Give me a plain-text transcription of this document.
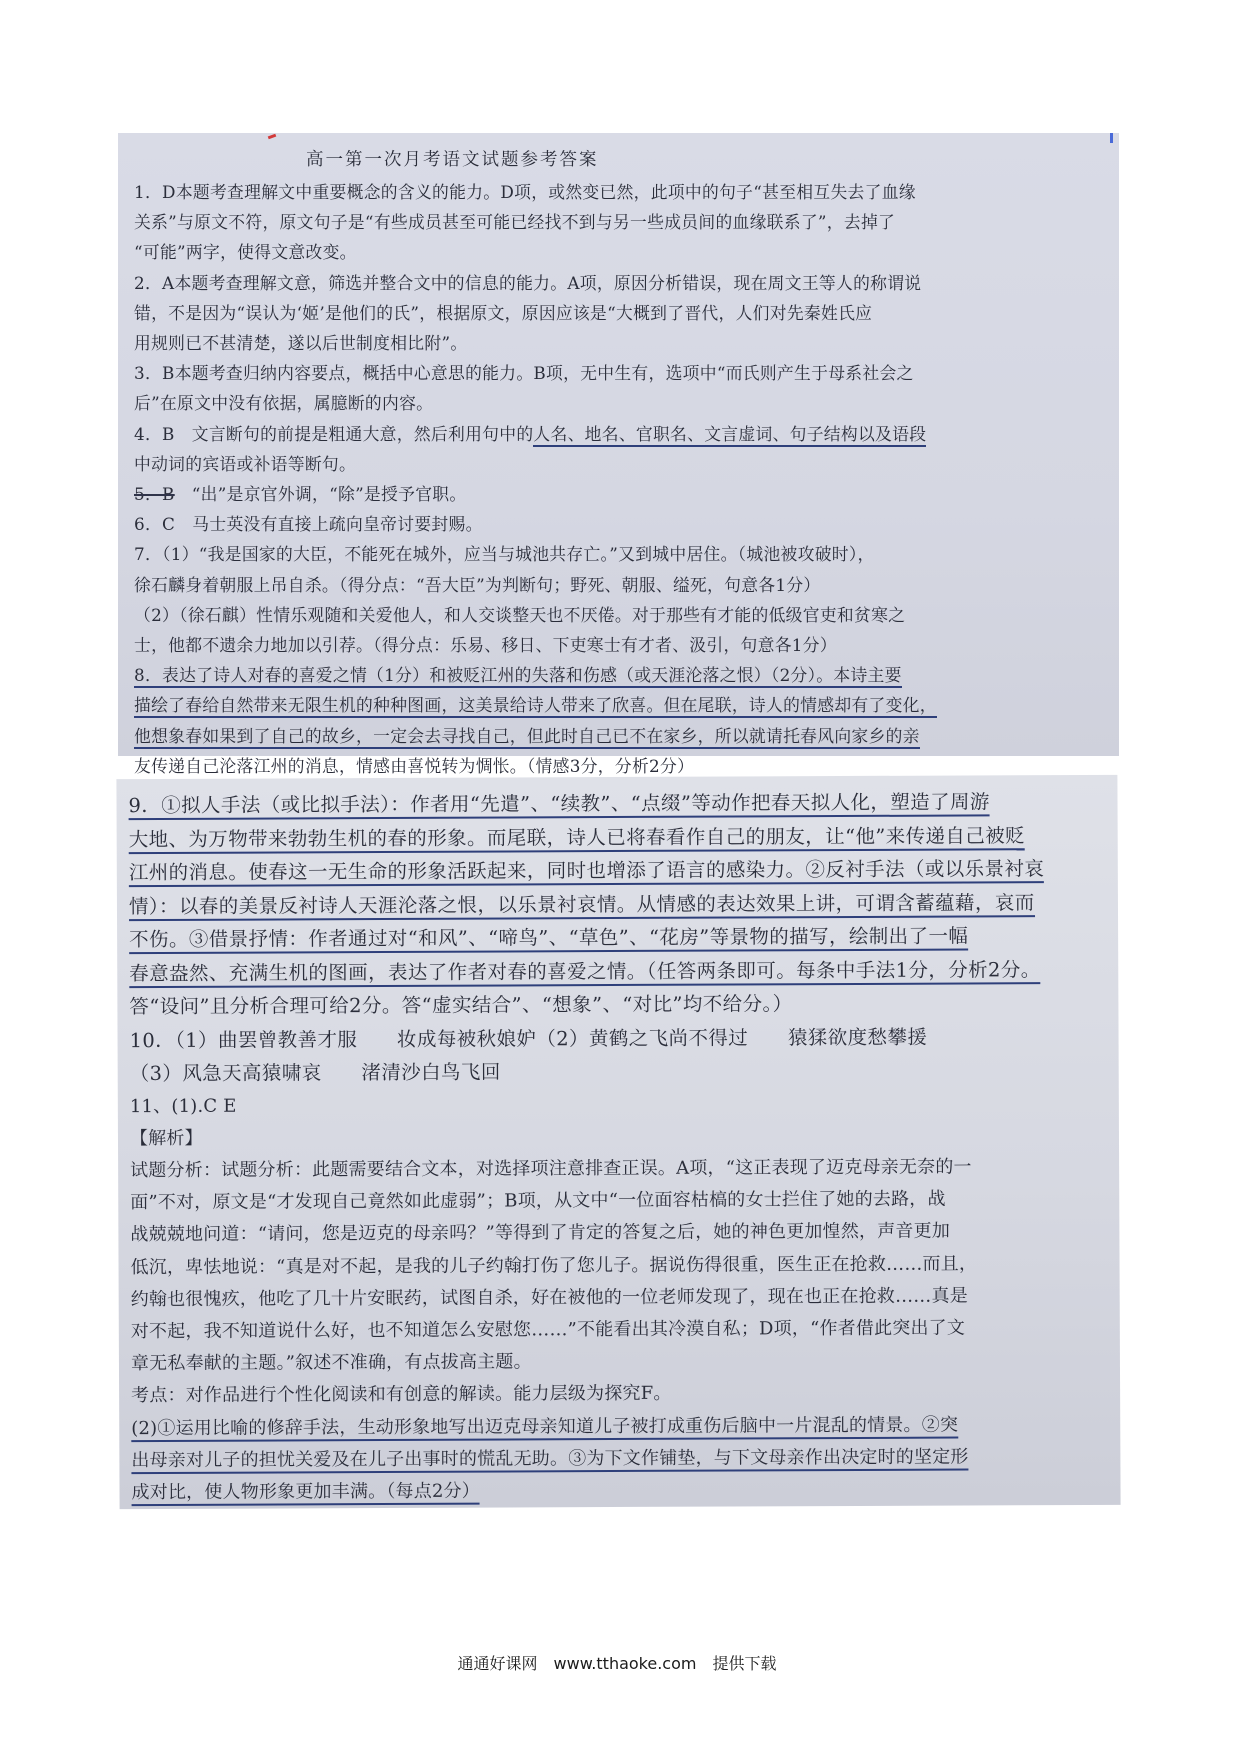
高一第一次月考语文试题参考答案

1．D本题考查理解文中重要概念的含义的能力。D项，或然变已然，此项中的句子“甚至相互失去了血缘

关系”与原文不符，原文句子是“有些成员甚至可能已经找不到与另一些成员间的血缘联系了”，去掉了

“可能”两字，使得文意改变。

2．A本题考查理解文意，筛选并整合文中的信息的能力。A项，原因分析错误，现在周文王等人的称谓说

错，不是因为“误认为‘姬’是他们的氏”，根据原文，原因应该是“大概到了晋代，人们对先秦姓氏应

用规则已不甚清楚，遂以后世制度相比附”。

3．B本题考查归纳内容要点，概括中心意思的能力。B项，无中生有，选项中“而氏则产生于母系社会之

后”在原文中没有依据，属臆断的内容。

4．B　文言断句的前提是粗通大意，然后利用句中的人名、地名、官职名、文言虚词、句子结构以及语段

中动词的宾语或补语等断句。

5．B　 “出”是京官外调，“除”是授予官职。

6．C　马士英没有直接上疏向皇帝讨要封赐。

7．（1）“我是国家的大臣，不能死在城外，应当与城池共存亡。”又到城中居住。（城池被攻破时），

徐石麟身着朝服上吊自杀。（得分点：“吾大臣”为判断句；野死、朝服、缢死，句意各1分）

（2）（徐石麒）性情乐观随和关爱他人，和人交谈整天也不厌倦。对于那些有才能的低级官吏和贫寒之

士，他都不遗余力地加以引荐。（得分点：乐易、移日、下吏寒士有才者、汲引，句意各1分）

8．表达了诗人对春的喜爱之情（1分）和被贬江州的失落和伤感（或天涯沦落之恨）（2分）。本诗主要

描绘了春给自然带来无限生机的种种图画，这美景给诗人带来了欣喜。但在尾联，诗人的情感却有了变化，

他想象春如果到了自己的故乡，一定会去寻找自己，但此时自己已不在家乡，所以就请托春风向家乡的亲

友传递自己沦落江州的消息，情感由喜悦转为惆怅。（情感3分，分析2分）

9．①拟人手法（或比拟手法）：作者用“先遣”、“续教”、“点缀”等动作把春天拟人化，塑造了周游

大地、为万物带来勃勃生机的春的形象。而尾联，诗人已将春看作自己的朋友，让“他”来传递自己被贬

江州的消息。使春这一无生命的形象活跃起来，同时也增添了语言的感染力。②反衬手法（或以乐景衬哀

情）：以春的美景反衬诗人天涯沦落之恨，以乐景衬哀情。从情感的表达效果上讲，可谓含蓄蕴藉，哀而

不伤。③借景抒情：作者通过对“和风”、“啼鸟”、“草色”、“花房”等景物的描写，绘制出了一幅

春意盎然、充满生机的图画，表达了作者对春的喜爱之情。（任答两条即可。每条中手法1分，分析2分。

答“设问”且分析合理可给2分。答“虚实结合”、“想象”、“对比”均不给分。）

10．（1）曲罢曾教善才服　　妆成每被秋娘妒（2）黄鹤之飞尚不得过　　猿猱欲度愁攀援

（3）风急天高猿啸哀　　渚清沙白鸟飞回

11、(1).C E

【解析】

试题分析：试题分析：此题需要结合文本，对选择项注意排查正误。A项，“这正表现了迈克母亲无奈的一

面”不对，原文是“才发现自己竟然如此虚弱”；B项，从文中“一位面容枯槁的女士拦住了她的去路，战

战兢兢地问道：“请问，您是迈克的母亲吗？”等得到了肯定的答复之后，她的神色更加惶然，声音更加

低沉，卑怯地说：“真是对不起，是我的儿子约翰打伤了您儿子。据说伤得很重，医生正在抢救……而且，

约翰也很愧疚，他吃了几十片安眠药，试图自杀，好在被他的一位老师发现了，现在也正在抢救……真是

对不起，我不知道说什么好，也不知道怎么安慰您……”不能看出其冷漠自私；D项，“作者借此突出了文

章无私奉献的主题。”叙述不准确，有点拔高主题。

考点：对作品进行个性化阅读和有创意的解读。能力层级为探究F。

(2)①运用比喻的修辞手法，生动形象地写出迈克母亲知道儿子被打成重伤后脑中一片混乱的情景。②突

出母亲对儿子的担忧关爱及在儿子出事时的慌乱无助。③为下文作铺垫，与下文母亲作出决定时的坚定形

成对比，使人物形象更加丰满。（每点2分）

通通好课网　www.tthaoke.com　提供下载
